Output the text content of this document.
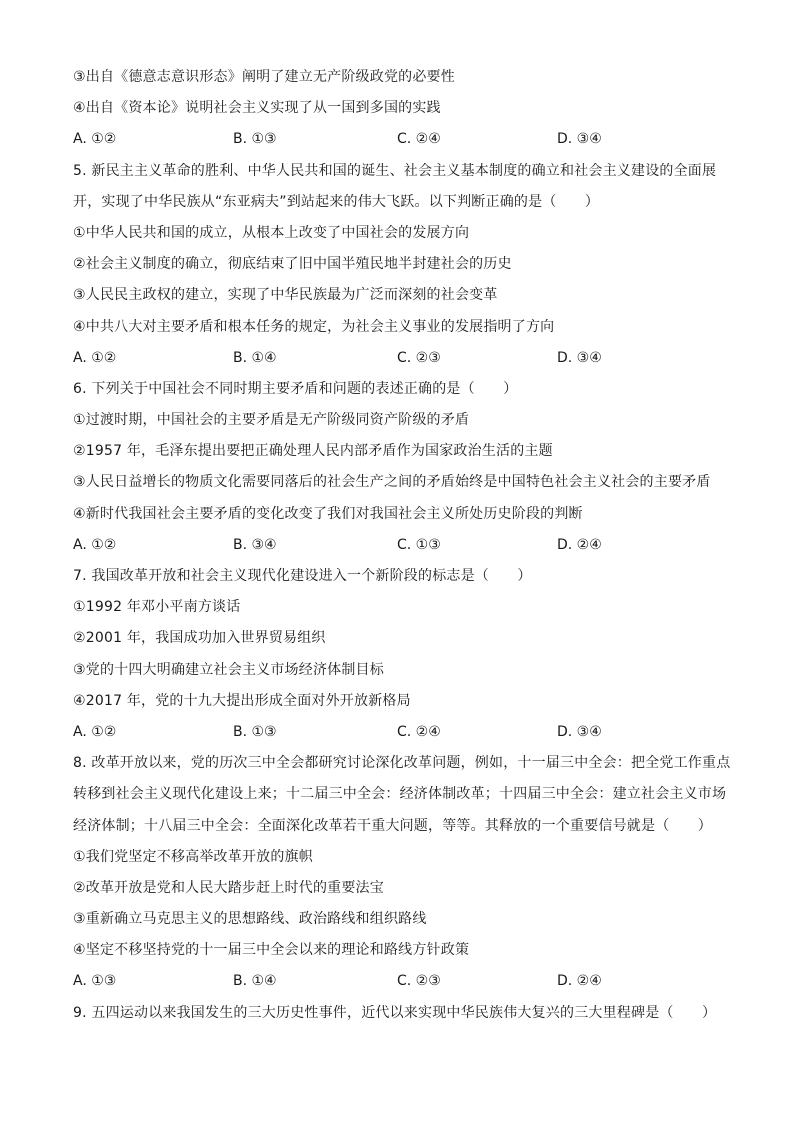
③出自《德意志意识形态》阐明了建立无产阶级政党的必要性
④出自《资本论》说明社会主义实现了从一国到多国的实践
A. ①②	B. ①③	C. ②④	D. ③④
5. 新民主主义革命的胜利、中华人民共和国的诞生、社会主义基本制度的确立和社会主义建设的全面展
开，实现了中华民族从“东亚病夫”到站起来的伟大飞跃。以下判断正确的是（　　）
①中华人民共和国的成立，从根本上改变了中国社会的发展方向
②社会主义制度的确立，彻底结束了旧中国半殖民地半封建社会的历史
③人民民主政权的建立，实现了中华民族最为广泛而深刻的社会变革
④中共八大对主要矛盾和根本任务的规定，为社会主义事业的发展指明了方向
A. ①②	B. ①④	C. ②③	D. ③④
6. 下列关于中国社会不同时期主要矛盾和问题的表述正确的是（　　）
①过渡时期，中国社会的主要矛盾是无产阶级同资产阶级的矛盾
②1957 年，毛泽东提出要把正确处理人民内部矛盾作为国家政治生活的主题
③人民日益增长的物质文化需要同落后的社会生产之间的矛盾始终是中国特色社会主义社会的主要矛盾
④新时代我国社会主要矛盾的变化改变了我们对我国社会主义所处历史阶段的判断
A. ①②	B. ③④	C. ①③	D. ②④
7. 我国改革开放和社会主义现代化建设进入一个新阶段的标志是（　　）
①1992 年邓小平南方谈话
②2001 年，我国成功加入世界贸易组织
③党的十四大明确建立社会主义市场经济体制目标
④2017 年，党的十九大提出形成全面对外开放新格局
A. ①②	B. ①③	C. ②④	D. ③④
8. 改革开放以来，党的历次三中全会都研究讨论深化改革问题，例如，十一届三中全会：把全党工作重点
转移到社会主义现代化建设上来；十二届三中全会：经济体制改革；十四届三中全会：建立社会主义市场
经济体制；十八届三中全会：全面深化改革若干重大问题，等等。其释放的一个重要信号就是（　　）
①我们党坚定不移高举改革开放的旗帜
②改革开放是党和人民大踏步赶上时代的重要法宝
③重新确立马克思主义的思想路线、政治路线和组织路线
④坚定不移坚持党的十一届三中全会以来的理论和路线方针政策
A. ①③	B. ①④	C. ②③	D. ②④
9. 五四运动以来我国发生的三大历史性事件，近代以来实现中华民族伟大复兴的三大里程碑是（　　）
